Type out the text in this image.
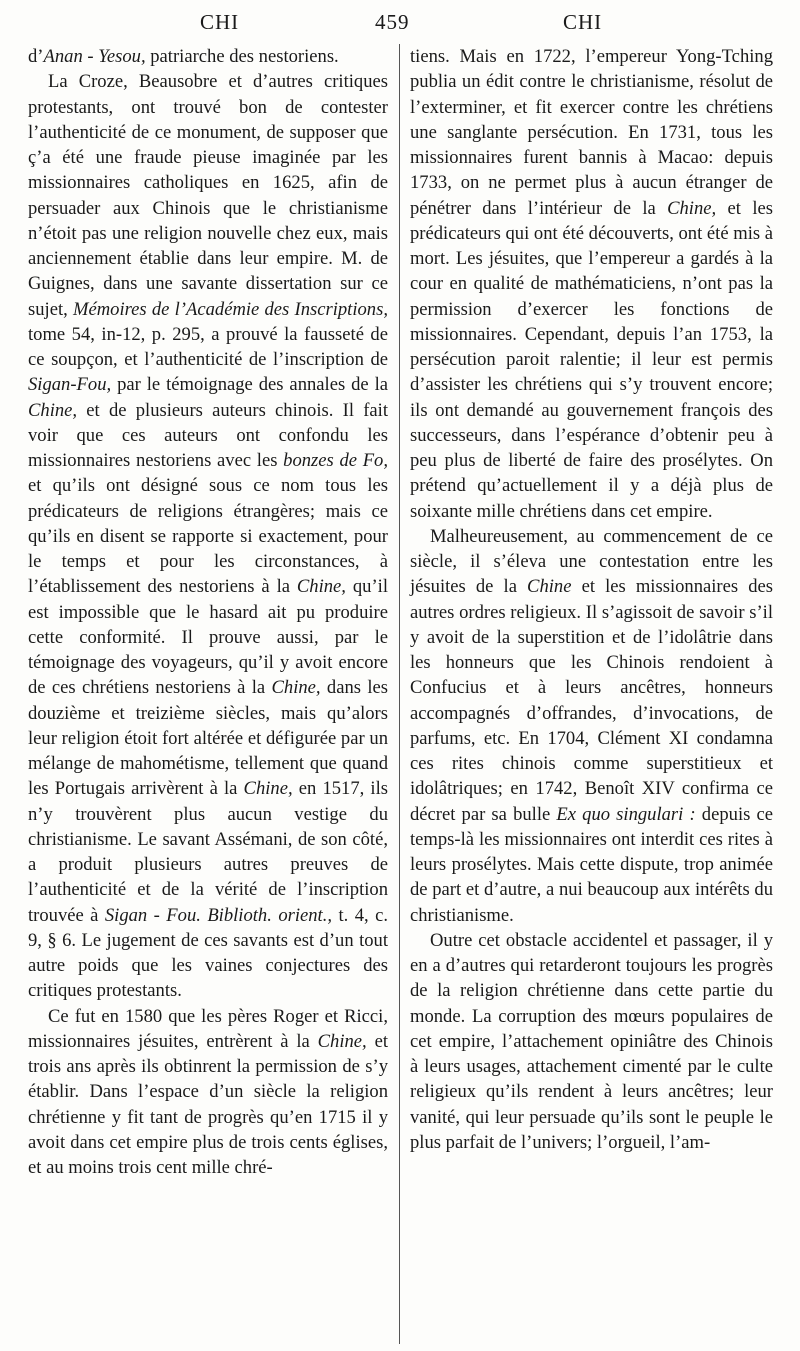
CHI	459	CHI

d’Anan - Yesou, patriarche des nestoriens.

La Croze, Beausobre et d’autres critiques protestants, ont trouvé bon de contester l’authenticité de ce monument, de supposer que ç’a été une fraude pieuse imaginée par les missionnaires catholiques en 1625, afin de persuader aux Chinois que le christianisme n’étoit pas une religion nouvelle chez eux, mais anciennement établie dans leur empire. M. de Guignes, dans une savante dissertation sur ce sujet, Mémoires de l’Académie des Inscriptions, tome 54, in-12, p. 295, a prouvé la fausseté de ce soupçon, et l’authenticité de l’inscription de Sigan-Fou, par le témoignage des annales de la Chine, et de plusieurs auteurs chinois. Il fait voir que ces auteurs ont confondu les missionnaires nestoriens avec les bonzes de Fo, et qu’ils ont désigné sous ce nom tous les prédicateurs de religions étrangères; mais ce qu’ils en disent se rapporte si exactement, pour le temps et pour les circonstances, à l’établissement des nestoriens à la Chine, qu’il est impossible que le hasard ait pu produire cette conformité. Il prouve aussi, par le témoignage des voyageurs, qu’il y avoit encore de ces chrétiens nestoriens à la Chine, dans les douzième et treizième siècles, mais qu’alors leur religion étoit fort altérée et défigurée par un mélange de mahométisme, tellement que quand les Portugais arrivèrent à la Chine, en 1517, ils n’y trouvèrent plus aucun vestige du christianisme. Le savant Assémani, de son côté, a produit plusieurs autres preuves de l’authenticité et de la vérité de l’inscription trouvée à Sigan - Fou. Biblioth. orient., t. 4, c. 9, § 6. Le jugement de ces savants est d’un tout autre poids que les vaines conjectures des critiques protestants.

Ce fut en 1580 que les pères Roger et Ricci, missionnaires jésuites, entrèrent à la Chine, et trois ans après ils obtinrent la permission de s’y établir. Dans l’espace d’un siècle la religion chrétienne y fit tant de progrès qu’en 1715 il y avoit dans cet empire plus de trois cents églises, et au moins trois cent mille chré-

tiens. Mais en 1722, l’empereur Yong-Tching publia un édit contre le christianisme, résolut de l’exterminer, et fit exercer contre les chrétiens une sanglante persécution. En 1731, tous les missionnaires furent bannis à Macao: depuis 1733, on ne permet plus à aucun étranger de pénétrer dans l’intérieur de la Chine, et les prédicateurs qui ont été découverts, ont été mis à mort. Les jésuites, que l’empereur a gardés à la cour en qualité de mathématiciens, n’ont pas la permission d’exercer les fonctions de missionnaires. Cependant, depuis l’an 1753, la persécution paroit ralentie; il leur est permis d’assister les chrétiens qui s’y trouvent encore; ils ont demandé au gouvernement françois des successeurs, dans l’espérance d’obtenir peu à peu plus de liberté de faire des prosélytes. On prétend qu’actuellement il y a déjà plus de soixante mille chrétiens dans cet empire.

Malheureusement, au commencement de ce siècle, il s’éleva une contestation entre les jésuites de la Chine et les missionnaires des autres ordres religieux. Il s’agissoit de savoir s’il y avoit de la superstition et de l’idolâtrie dans les honneurs que les Chinois rendoient à Confucius et à leurs ancêtres, honneurs accompagnés d’offrandes, d’invocations, de parfums, etc. En 1704, Clément XI condamna ces rites chinois comme superstitieux et idolâtriques; en 1742, Benoît XIV confirma ce décret par sa bulle Ex quo singulari : depuis ce temps-là les missionnaires ont interdit ces rites à leurs prosélytes. Mais cette dispute, trop animée de part et d’autre, a nui beaucoup aux intérêts du christianisme.

Outre cet obstacle accidentel et passager, il y en a d’autres qui retarderont toujours les progrès de la religion chrétienne dans cette partie du monde. La corruption des mœurs populaires de cet empire, l’attachement opiniâtre des Chinois à leurs usages, attachement cimenté par le culte religieux qu’ils rendent à leurs ancêtres; leur vanité, qui leur persuade qu’ils sont le peuple le plus parfait de l’univers; l’orgueil, l’am-
